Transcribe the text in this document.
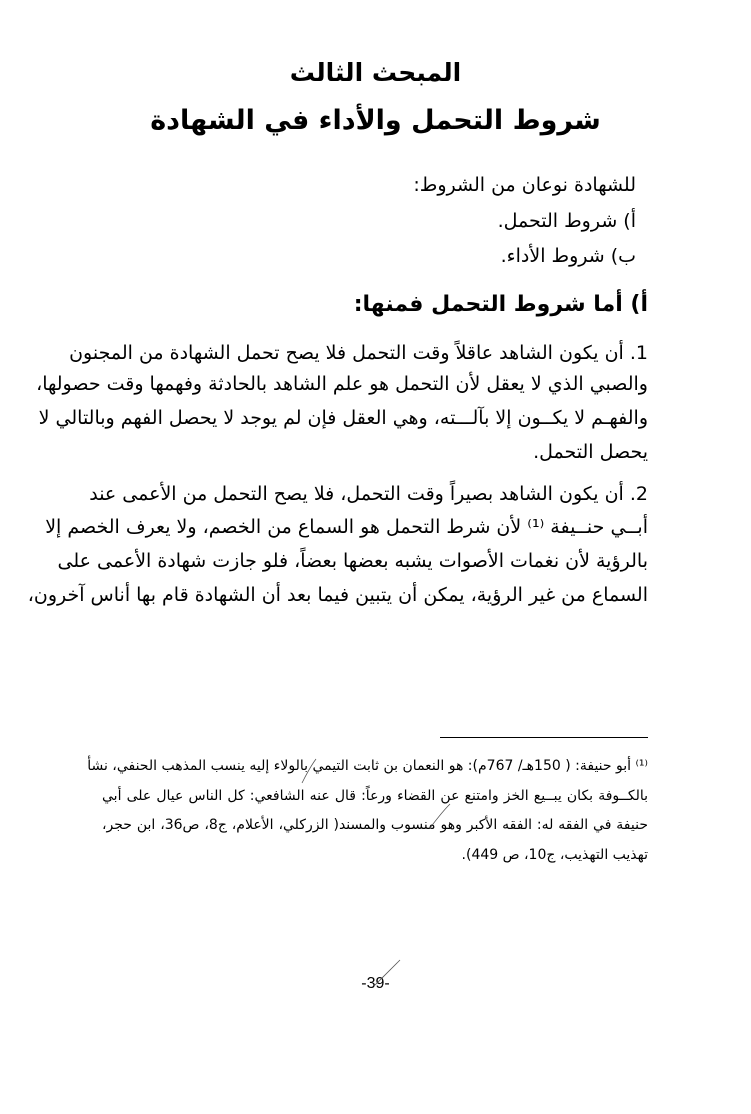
المبحث الثالث
شروط التحمل والأداء في الشهادة
للشهادة نوعان من الشروط:
أ) شروط التحمل.
ب) شروط الأداء.
أ) أما شروط التحمل فمنها:
1. أن يكون الشاهد عاقلاً وقت التحمل فلا يصح تحمل الشهادة من المجنون
والصبي الذي لا يعقل لأن التحمل هو علم الشاهد بالحادثة وفهمها وقت حصولها،
والفهـم لا يكــون إلا بآلـــته، وهي العقل فإن لم يوجد لا يحصل الفهم وبالتالي لا
يحصل التحمل.
2. أن يكون الشاهد بصيراً وقت التحمل، فلا يصح التحمل من الأعمى عند
أبــي حنــيفة ⁽¹⁾ لأن شرط التحمل هو السماع من الخصم، ولا يعرف الخصم إلا
بالرؤية لأن نغمات الأصوات يشبه بعضها بعضاً، فلو جازت شهادة الأعمى على
السماع من غير الرؤية، يمكن أن يتبين فيما بعد أن الشهادة قام بها أناس آخرون،
⁽¹⁾ أبو حنيفة: ( 150هـ/ 767م): هو النعمان بن ثابت التيمي بالولاء إليه ينسب المذهب الحنفي، نشأ
بالكــوفة بكان يبــيع الخز وامتنع عن القضاء ورعاً: قال عنه الشافعي: كل الناس عيال على أبي
حنيفة في الفقه له: الفقه الأكبر وهو منسوب والمسند( الزركلي، الأعلام، ج8، ص36، ابن حجر،
تهذيب التهذيب، ج10، ص 449).
-39-
